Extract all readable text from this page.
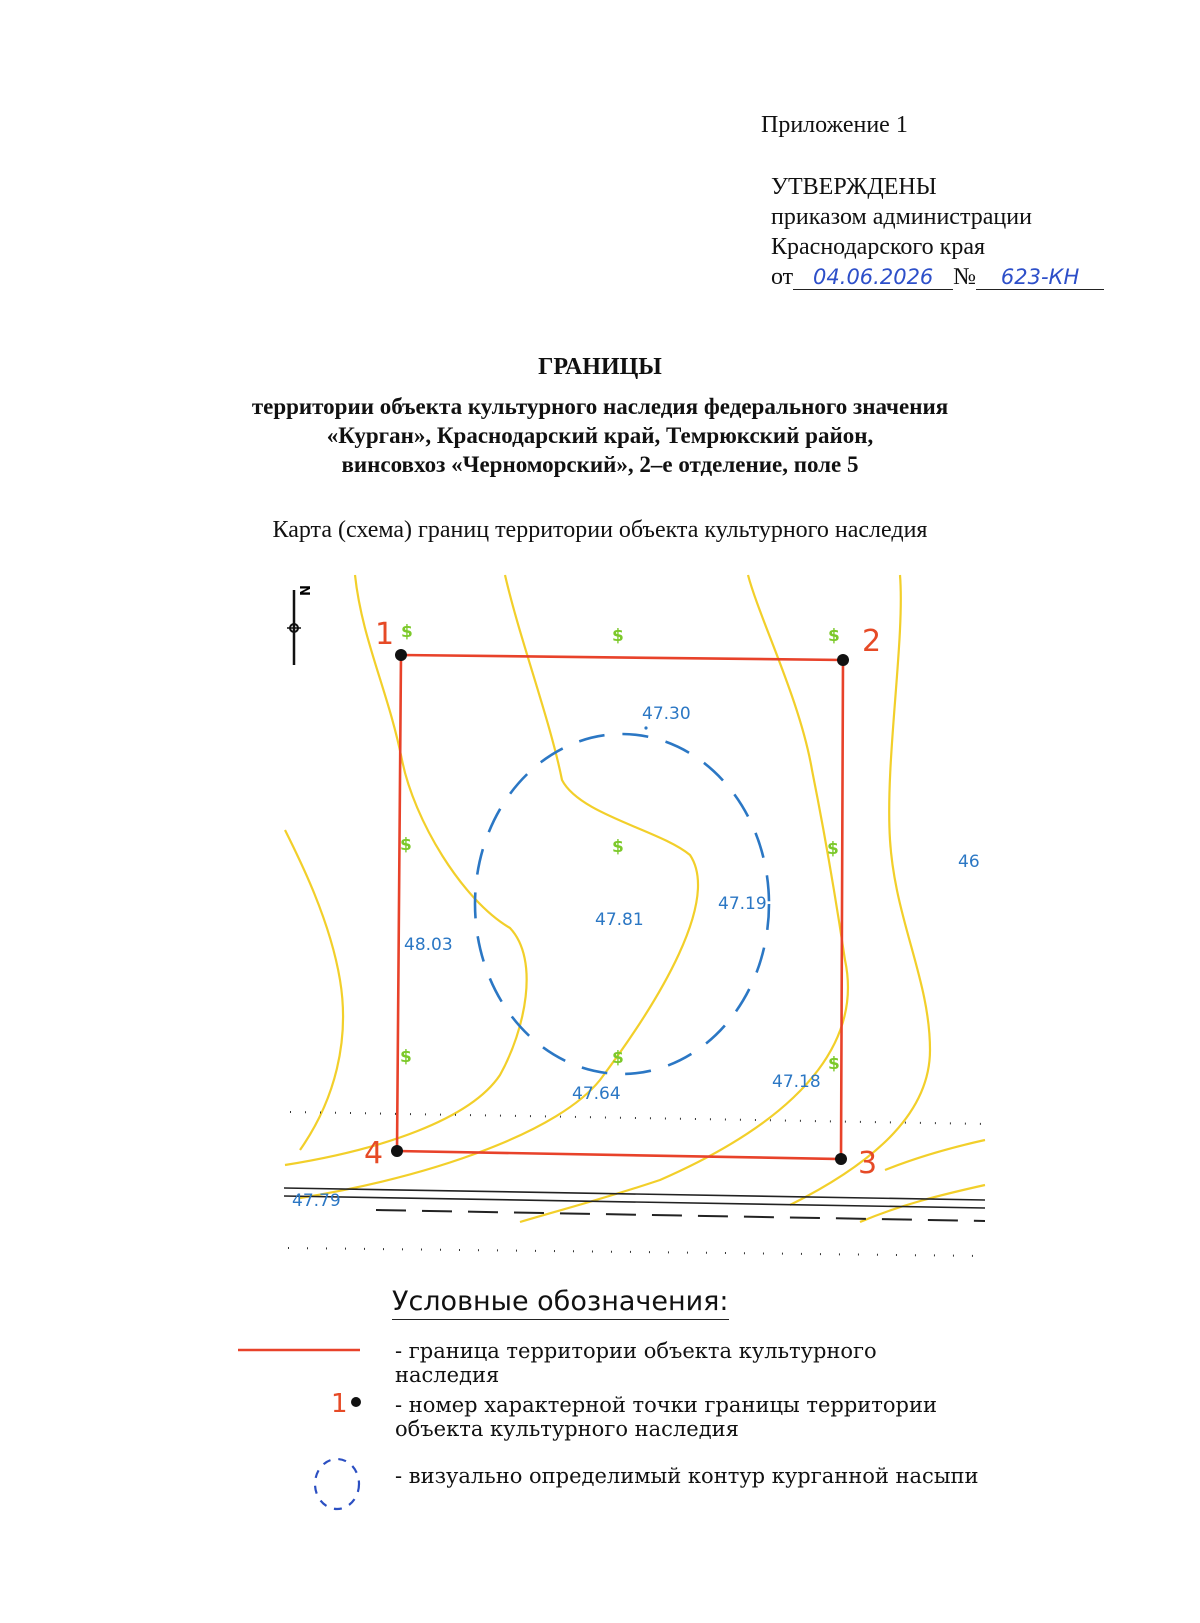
Приложение 1
УТВЕРЖДЕНЫ
приказом администрации
Краснодарского края
от 04.06.2026 № 623-КН
ГРАНИЦЫ
территории объекта культурного наследия федерального значения
«Курган», Краснодарский край, Темрюкский район,
винсовхоз «Черноморский», 2–е отделение, поле 5
Карта (схема) границ территории объекта культурного наследия
N
1	2
3
4
$	$	$
$	$	$
$	$	$
47.30
47.81
47.19
48.03
47.64
47.18
47.79
46
1
Условные обозначения:
- граница территории объекта культурного наследия
- номер характерной точки границы территории объекта культурного наследия
- визуально определимый контур курганной насыпи
